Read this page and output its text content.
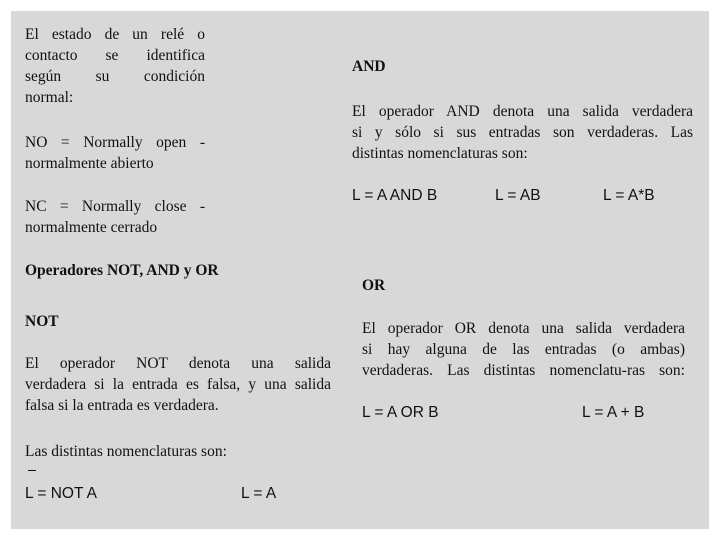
El estado de un relé o
contacto se identifica
según su condición
normal:
NO = Normally open -
normalmente abierto
NC = Normally close -
normalmente cerrado
Operadores NOT, AND y OR
NOT
El operador NOT denota una salida
verdadera si la entrada es falsa, y una salida
falsa si la entrada es verdadera.
Las distintas nomenclaturas son:
L = NOT A	L = A
AND
El operador AND denota una salida verdadera
si y sólo si sus entradas son verdaderas. Las
distintas nomenclaturas son:
L = A AND B	L = AB	L = A*B
OR
El operador OR denota una salida verdadera
si hay alguna de las entradas (o ambas)
verdaderas. Las distintas nomenclatu-ras son:
L = A OR B	L = A + B
